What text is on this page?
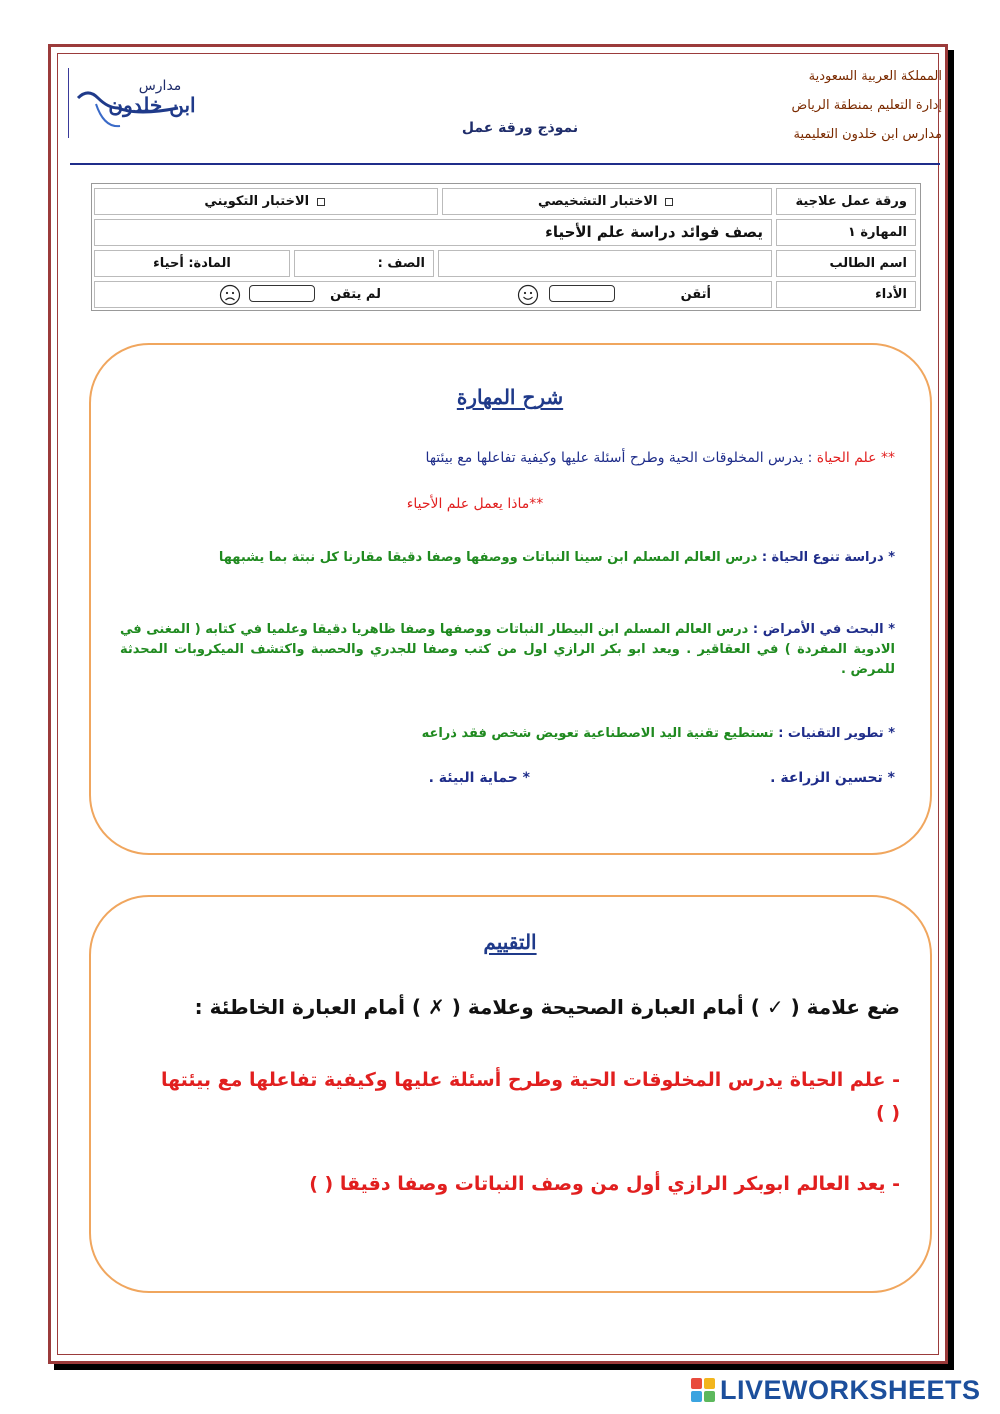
المملكة العربية السعودية
إدارة التعليم بمنطقة الرياض
مدارس ابن خلدون التعليمية
نموذج ورقة عمل
مدارس
ابن خلدون
ورقة عمل علاجية
الاختبار التشخيصي
الاختبار التكويني
المهارة ١
يصف فوائد دراسة علم الأحياء
اسم الطالب
الصف :
المادة: أحياء
الأداء
أتقن
لم يتقن
شرح المهارة
** علم الحياة : يدرس المخلوقات الحية وطرح أسئلة عليها وكيفية تفاعلها مع بيئتها
**ماذا يعمل علم الأحياء
* دراسة تنوع الحياة : درس العالم المسلم ابن سينا النباتات ووصفها وصفا دقيقا مقارنا كل نبتة بما يشبهها
* البحث في الأمراض : درس العالم المسلم ابن البيطار النباتات ووصفها وصفا ظاهريا دقيقا وعلميا في كتابه ( المغنى في الادوية المفردة ) في العقاقير . ويعد ابو بكر الرازي اول من كتب وصفا للجدري والحصبة واكتشف الميكروبات المحدثة للمرض .
* تطوير التقنيات : تستطيع تقنية اليد الاصطناعية تعويض شخص فقد ذراعه
* تحسين الزراعة .
* حماية البيئة .
التقييم
ضع علامة ( ✓ ) أمام العبارة الصحيحة وعلامة ( ✗ ) أمام العبارة الخاطئة :
- علم الحياة يدرس المخلوقات الحية وطرح أسئلة عليها وكيفية تفاعلها مع بيئتها ( )
- يعد العالم ابوبكر الرازي أول من وصف النباتات وصفا دقيقا ( )
LIVEWORKSHEETS
